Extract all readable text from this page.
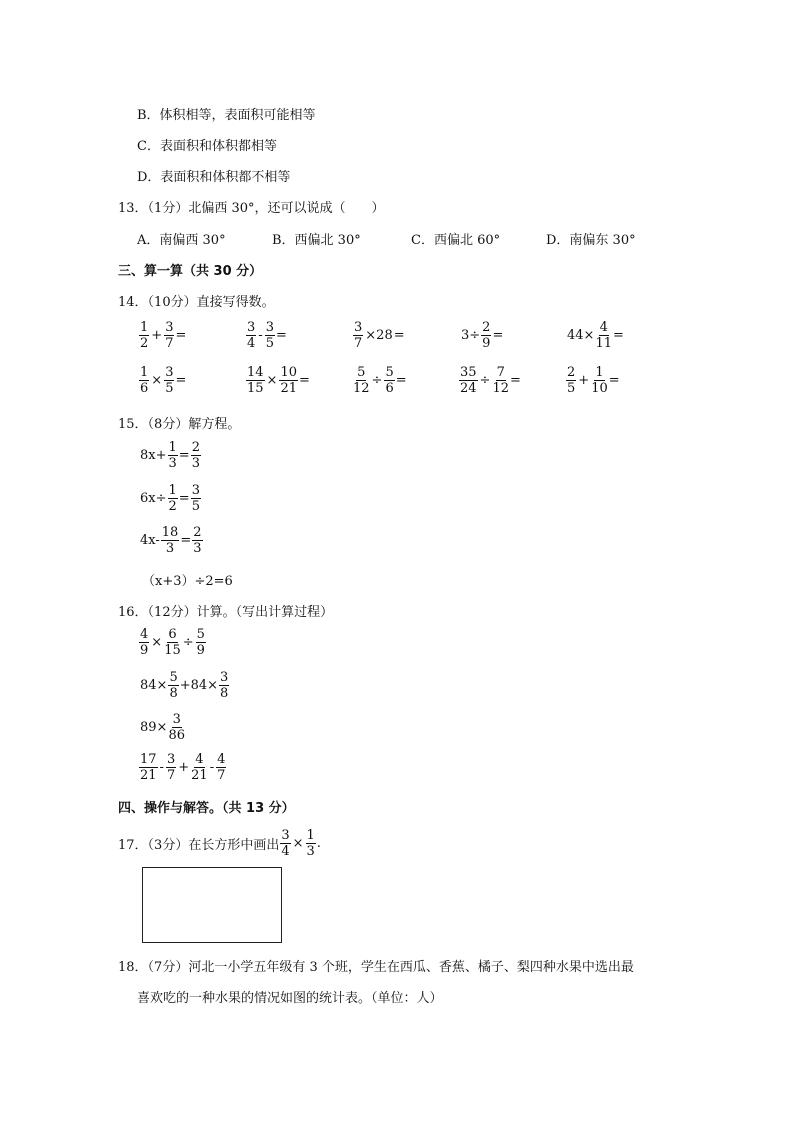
B．体积相等，表面积可能相等
C．表面积和体积都相等
D．表面积和体积都不相等
13．（1分）北偏西 30°，还可以说成（　　）
A．南偏西 30°	B．西偏北 30°	C．西偏北 60°	D．南偏东 30°
三、算一算（共 30 分）
14．（10分）直接写得数。
$\frac{1}{2} + \frac{3}{7}$ =	$\frac{3}{4} - \frac{3}{5}$ =	$\frac{3}{7} \times 28$ =	$3\div \frac{2}{9}$ =	$44\times \frac{4}{11}$ =
$\frac{1}{6} \times \frac{3}{5}$ =	$\frac{14}{15} \times \frac{10}{21}$ =	$\frac{5}{12} \div \frac{5}{6}$ =	$\frac{35}{24} \div \frac{7}{12}$ =	$\frac{2}{5} + \frac{1}{10}$ =
15．（8分）解方程。
$8x+ \frac{1}{3} = \frac{2}{3}$
$6x\div \frac{1}{2} = \frac{3}{5}$
$4x- \frac{18}{3} = \frac{2}{3}$
（x+3）÷2=6
16．（12分）计算。（写出计算过程）
$\frac{4}{9} \times \frac{6}{15} \div \frac{5}{9}$
$84\times \frac{5}{8} +84\times \frac{3}{8}$
$89\times \frac{3}{86}$
$\frac{17}{21} - \frac{3}{7} + \frac{4}{21} - \frac{4}{7}$
四、操作与解答。（共 13 分）
17．（3分）在长方形中画出 $\frac{3}{4} \times \frac{1}{3}$ .
18．（7分）河北一小学五年级有 3 个班，学生在西瓜、香蕉、橘子、梨四种水果中选出最
喜欢吃的一种水果的情况如图的统计表。（单位：人）
